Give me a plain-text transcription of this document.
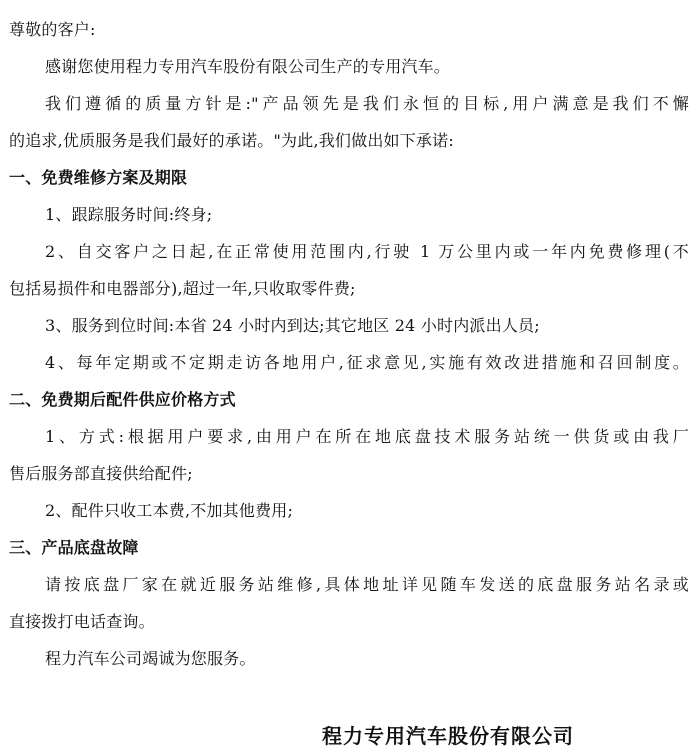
尊敬的客户:
感谢您使用程力专用汽车股份有限公司生产的专用汽车。
我们遵循的质量方针是:"产品领先是我们永恒的目标,用户满意是我们不懈
的追求,优质服务是我们最好的承诺。"为此,我们做出如下承诺:
一、免费维修方案及期限
1、跟踪服务时间:终身;
2、自交客户之日起,在正常使用范围内,行驶 1 万公里内或一年内免费修理(不
包括易损件和电器部分),超过一年,只收取零件费;
3、服务到位时间:本省 24 小时内到达;其它地区 24 小时内派出人员;
4、每年定期或不定期走访各地用户,征求意见,实施有效改进措施和召回制度。
二、免费期后配件供应价格方式
1、方式:根据用户要求,由用户在所在地底盘技术服务站统一供货或由我厂
售后服务部直接供给配件;
2、配件只收工本费,不加其他费用;
三、产品底盘故障
请按底盘厂家在就近服务站维修,具体地址详见随车发送的底盘服务站名录或
直接拨打电话查询。
程力汽车公司竭诚为您服务。
程力专用汽车股份有限公司
